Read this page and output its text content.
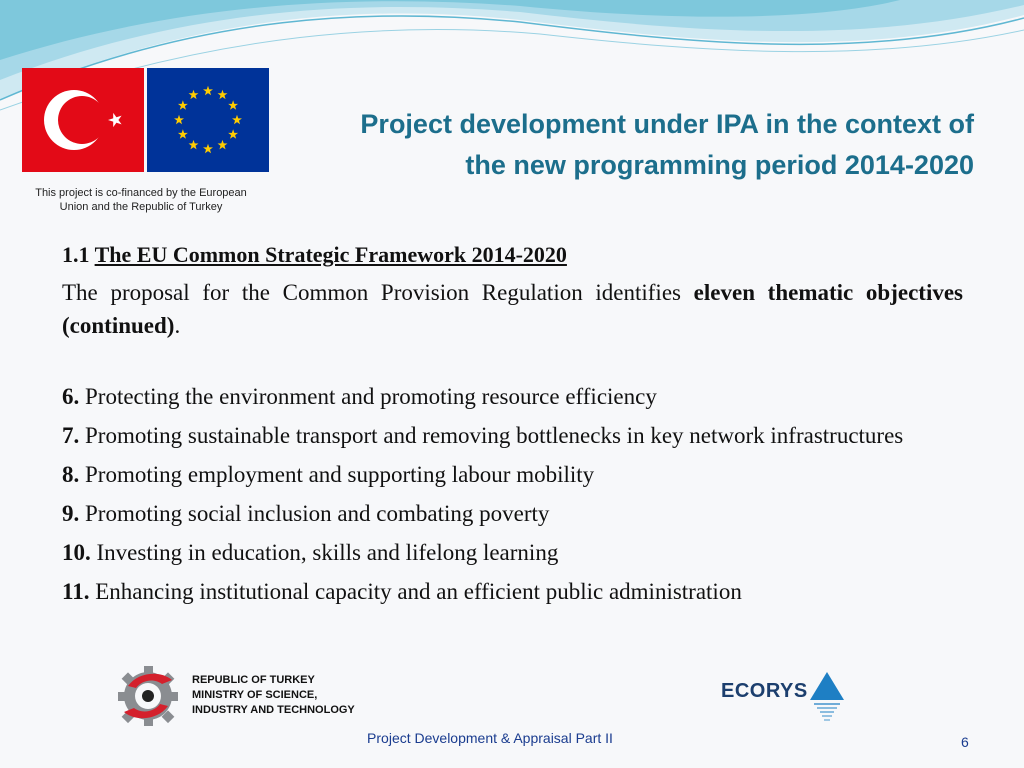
This project is co-financed by the European
Union and the Republic of Turkey
Project development under IPA in the context of
the new programming period 2014-2020
1.1 The EU Common Strategic Framework 2014-2020
The proposal for the Common Provision Regulation identifies eleven thematic objectives (continued).
6. Protecting the environment and promoting resource efficiency
7. Promoting sustainable transport and removing bottlenecks in key network infrastructures
8. Promoting employment and supporting labour mobility
9. Promoting social inclusion and combating poverty
10. Investing in education, skills and lifelong learning
11. Enhancing institutional capacity and an efficient public administration
REPUBLIC OF TURKEY
MINISTRY OF SCIENCE,
INDUSTRY AND TECHNOLOGY
ECORYS
Project Development & Appraisal Part II	6
